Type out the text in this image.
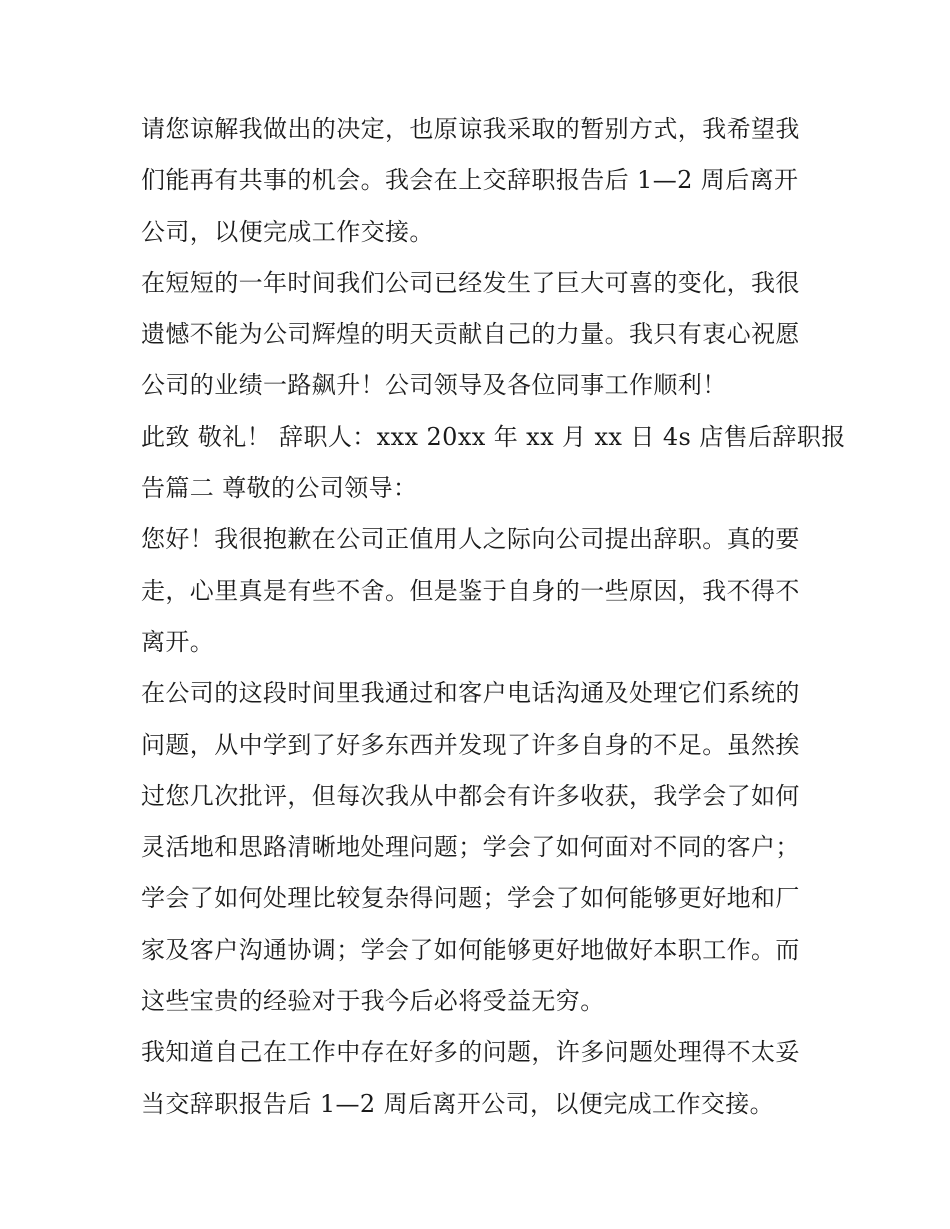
请您谅解我做出的决定，也原谅我采取的暂别方式，我希望我
们能再有共事的机会。我会在上交辞职报告后 1—2 周后离开
公司，以便完成工作交接。
在短短的一年时间我们公司已经发生了巨大可喜的变化，我很
遗憾不能为公司辉煌的明天贡献自己的力量。我只有衷心祝愿
公司的业绩一路飙升！公司领导及各位同事工作顺利！
此致 敬礼！ 辞职人：xxx 20xx 年 xx 月 xx 日 4s 店售后辞职报
告篇二 尊敬的公司领导：
您好！我很抱歉在公司正值用人之际向公司提出辞职。真的要
走，心里真是有些不舍。但是鉴于自身的一些原因，我不得不
离开。
在公司的这段时间里我通过和客户电话沟通及处理它们系统的
问题，从中学到了好多东西并发现了许多自身的不足。虽然挨
过您几次批评，但每次我从中都会有许多收获，我学会了如何
灵活地和思路清晰地处理问题；学会了如何面对不同的客户；
学会了如何处理比较复杂得问题；学会了如何能够更好地和厂
家及客户沟通协调；学会了如何能够更好地做好本职工作。而
这些宝贵的经验对于我今后必将受益无穷。
我知道自己在工作中存在好多的问题，许多问题处理得不太妥
当交辞职报告后 1—2 周后离开公司，以便完成工作交接。
